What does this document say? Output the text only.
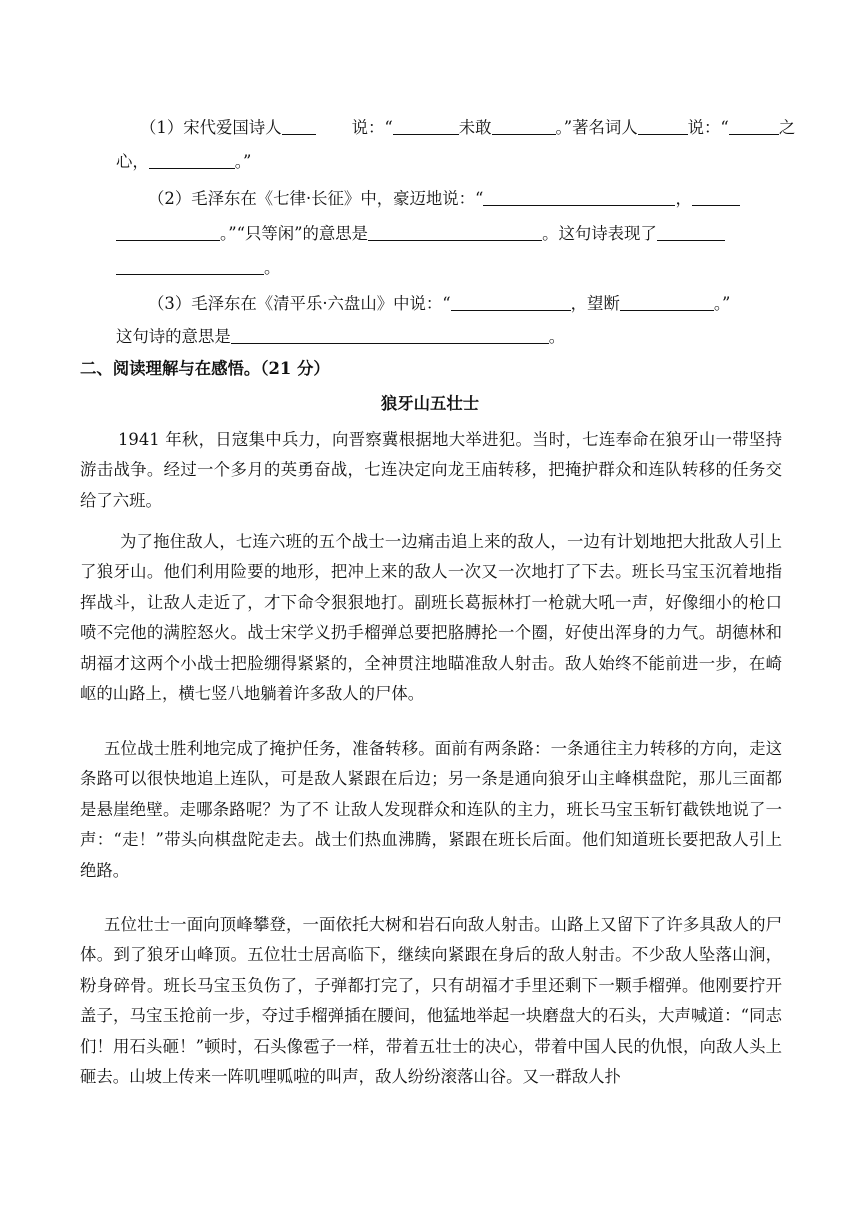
（1）宋代爱国诗人	说：“	未敢	。”著名词人	说：“	之
心，	。”
（2）毛泽东在《七律·长征》中，豪迈地说：“	，
。”“只等闲”的意思是	。这句诗表现了
。
（3）毛泽东在《清平乐·六盘山》中说：“	，望断	。”
这句诗的意思是	。
二、阅读理解与在感悟。（21 分）
狼牙山五壮士
1941 年秋，日寇集中兵力，向晋察冀根据地大举进犯。当时，七连奉命在狼牙山一带坚持游击战争。经过一个多月的英勇奋战，七连决定向龙王庙转移，把掩护群众和连队转移的任务交给了六班。
为了拖住敌人，七连六班的五个战士一边痛击追上来的敌人，一边有计划地把大批敌人引上了狼牙山。他们利用险要的地形，把冲上来的敌人一次又一次地打了下去。班长马宝玉沉着地指挥战斗，让敌人走近了，才下命令狠狠地打。副班长葛振林打一枪就大吼一声，好像细小的枪口喷不完他的满腔怒火。战士宋学义扔手榴弹总要把胳膊抡一个圈，好使出浑身的力气。胡德林和胡福才这两个小战士把脸绷得紧紧的，全神贯注地瞄准敌人射击。敌人始终不能前进一步，在崎岖的山路上，横七竖八地躺着许多敌人的尸体。
五位战士胜利地完成了掩护任务，准备转移。面前有两条路：一条通往主力转移的方向，走这条路可以很快地追上连队，可是敌人紧跟在后边；另一条是通向狼牙山主峰棋盘陀，那儿三面都是悬崖绝壁。走哪条路呢？为了不 让敌人发现群众和连队的主力，班长马宝玉斩钉截铁地说了一声：“走！”带头向棋盘陀走去。战士们热血沸腾，紧跟在班长后面。他们知道班长要把敌人引上绝路。
五位壮士一面向顶峰攀登，一面依托大树和岩石向敌人射击。山路上又留下了许多具敌人的尸体。到了狼牙山峰顶。五位壮士居高临下，继续向紧跟在身后的敌人射击。不少敌人坠落山涧，粉身碎骨。班长马宝玉负伤了，子弹都打完了，只有胡福才手里还剩下一颗手榴弹。他刚要拧开盖子，马宝玉抢前一步，夺过手榴弹插在腰间，他猛地举起一块磨盘大的石头，大声喊道：“同志们！用石头砸！”顿时，石头像雹子一样，带着五壮士的决心，带着中国人民的仇恨，向敌人头上砸去。山坡上传来一阵叽哩呱啦的叫声，敌人纷纷滚落山谷。又一群敌人扑
